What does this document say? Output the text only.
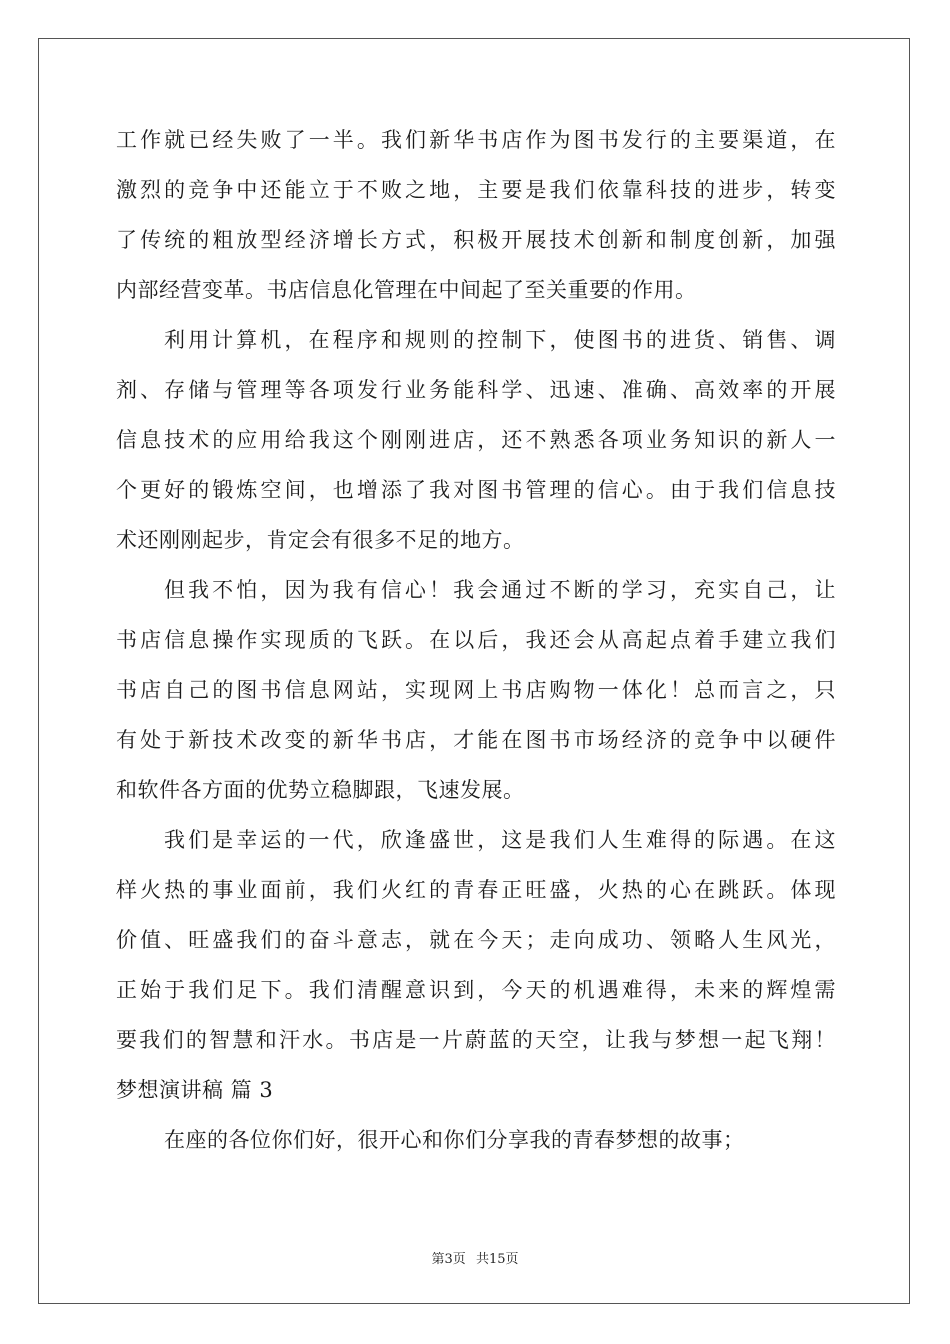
工作就已经失败了一半。我们新华书店作为图书发行的主要渠道，在
激烈的竞争中还能立于不败之地，主要是我们依靠科技的进步，转变
了传统的粗放型经济增长方式，积极开展技术创新和制度创新，加强
内部经营变革。书店信息化管理在中间起了至关重要的作用。
利用计算机，在程序和规则的控制下，使图书的进货、销售、调
剂、存储与管理等各项发行业务能科学、迅速、准确、高效率的开展
信息技术的应用给我这个刚刚进店，还不熟悉各项业务知识的新人一
个更好的锻炼空间，也增添了我对图书管理的信心。由于我们信息技
术还刚刚起步，肯定会有很多不足的地方。
但我不怕，因为我有信心！我会通过不断的学习，充实自己，让
书店信息操作实现质的飞跃。在以后，我还会从高起点着手建立我们
书店自己的图书信息网站，实现网上书店购物一体化！总而言之，只
有处于新技术改变的新华书店，才能在图书市场经济的竞争中以硬件
和软件各方面的优势立稳脚跟，飞速发展。
我们是幸运的一代，欣逢盛世，这是我们人生难得的际遇。在这
样火热的事业面前，我们火红的青春正旺盛，火热的心在跳跃。体现
价值、旺盛我们的奋斗意志，就在今天；走向成功、领略人生风光，
正始于我们足下。我们清醒意识到，今天的机遇难得，未来的辉煌需
要我们的智慧和汗水。书店是一片蔚蓝的天空，让我与梦想一起飞翔！
梦想演讲稿 篇 3
在座的各位你们好，很开心和你们分享我的青春梦想的故事；
第3页 共15页
